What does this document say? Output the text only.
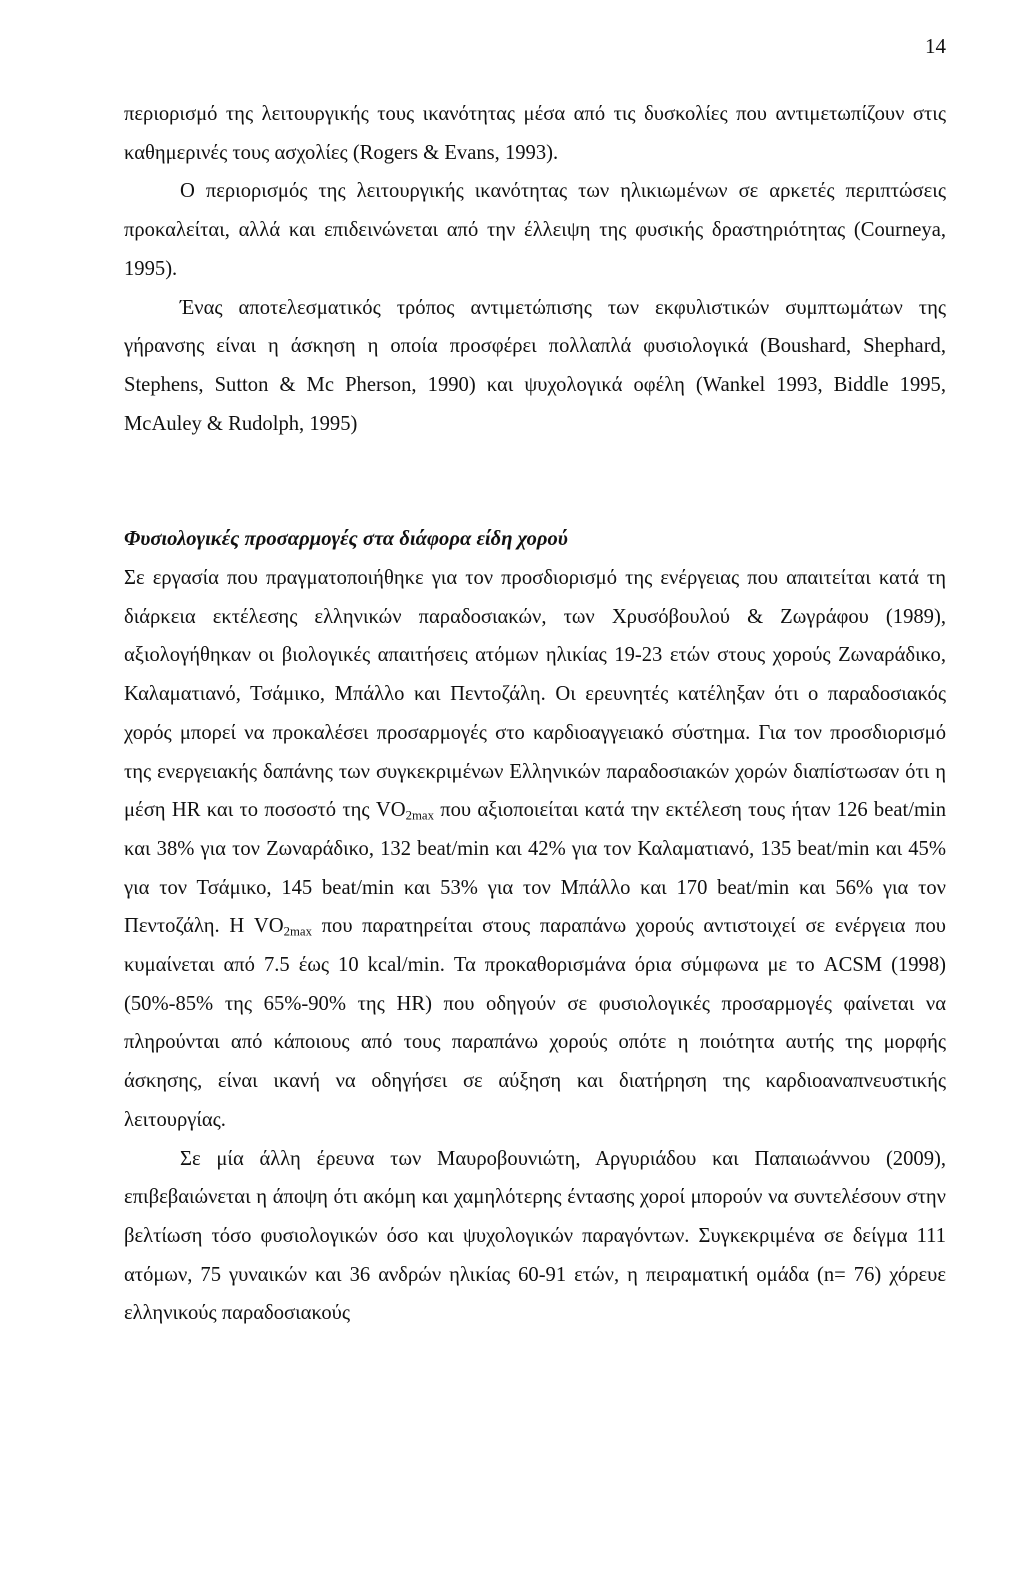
14

περιορισμό της λειτουργικής τους ικανότητας μέσα από τις δυσκολίες που αντιμετωπίζουν στις καθημερινές τους ασχολίες (Rogers & Evans, 1993).

Ο περιορισμός της λειτουργικής ικανότητας των ηλικιωμένων σε αρκετές περιπτώσεις προκαλείται, αλλά και επιδεινώνεται από την έλλειψη της φυσικής δραστηριότητας (Courneya, 1995).

Ένας αποτελεσματικός τρόπος αντιμετώπισης των εκφυλιστικών συμπτωμάτων της γήρανσης είναι η άσκηση η οποία προσφέρει πολλαπλά φυσιολογικά (Boushard, Shephard, Stephens, Sutton & Mc Pherson, 1990) και ψυχολογικά οφέλη (Wankel 1993, Biddle 1995, McAuley & Rudolph, 1995)

Φυσιολογικές προσαρμογές στα διάφορα είδη χορού

Σε εργασία που πραγματοποιήθηκε για τον προσδιορισμό της ενέργειας που απαιτείται κατά τη διάρκεια εκτέλεσης ελληνικών παραδοσιακών, των Χρυσόβουλού & Ζωγράφου (1989), αξιολογήθηκαν οι βιολογικές απαιτήσεις ατόμων ηλικίας 19-23 ετών στους χορούς Ζωναράδικο, Καλαματιανό, Τσάμικο, Μπάλλο και Πεντοζάλη. Οι ερευνητές κατέληξαν ότι ο παραδοσιακός χορός μπορεί να προκαλέσει προσαρμογές στο καρδιοαγγειακό σύστημα. Για τον προσδιορισμό της ενεργειακής δαπάνης των συγκεκριμένων Ελληνικών παραδοσιακών χορών διαπίστωσαν ότι η μέση HR και το ποσοστό της $VO_{2max}$ που αξιοποιείται κατά την εκτέλεση τους ήταν 126 beat/min και 38% για τον Ζωναράδικο, 132 beat/min και 42% για τον Καλαματιανό, 135 beat/min και 45% για τον Τσάμικο, 145 beat/min και 53% για τον Μπάλλο και 170 beat/min και 56% για τον Πεντοζάλη. Η $VO_{2max}$ που παρατηρείται στους παραπάνω χορούς αντιστοιχεί σε ενέργεια που κυμαίνεται από 7.5 έως 10 kcal/min. Τα προκαθορισμάνα όρια σύμφωνα με το ACSM (1998) (50%-85% της 65%-90% της HR) που οδηγούν σε φυσιολογικές προσαρμογές φαίνεται να πληρούνται από κάποιους από τους παραπάνω χορούς οπότε η ποιότητα αυτής της μορφής άσκησης, είναι ικανή να οδηγήσει σε αύξηση και διατήρηση της καρδιοαναπνευστικής λειτουργίας.

Σε μία άλλη έρευνα των Μαυροβουνιώτη, Αργυριάδου και Παπαιωάννου (2009), επιβεβαιώνεται η άποψη ότι ακόμη και χαμηλότερης έντασης χοροί μπορούν να συντελέσουν στην βελτίωση τόσο φυσιολογικών όσο και ψυχολογικών παραγόντων. Συγκεκριμένα σε δείγμα 111 ατόμων, 75 γυναικών και 36 ανδρών ηλικίας 60-91 ετών, η πειραματική ομάδα (n= 76) χόρευε ελληνικούς παραδοσιακούς
